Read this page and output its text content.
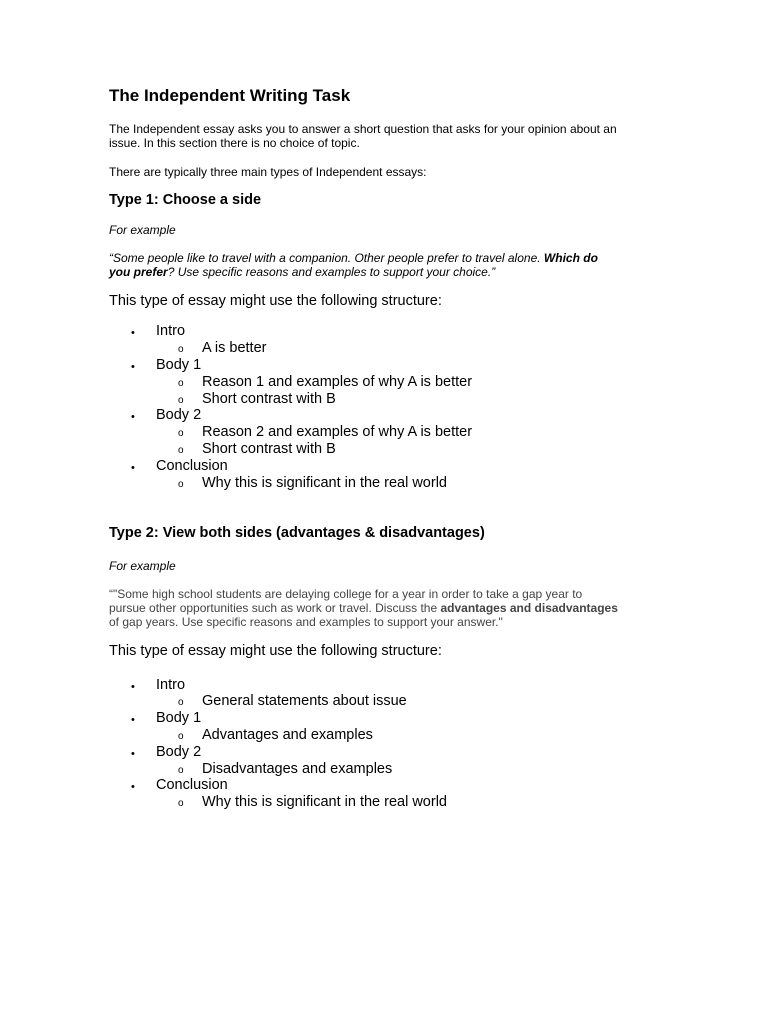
The Independent Writing Task
The Independent essay asks you to answer a short question that asks for your opinion about an
issue. In this section there is no choice of topic.
There are typically three main types of Independent essays:
Type 1: Choose a side
For example
“Some people like to travel with a companion. Other people prefer to travel alone. Which do
you prefer? Use specific reasons and examples to support your choice.”
This type of essay might use the following structure:
• Intro
o A is better
• Body 1
o Reason 1 and examples of why A is better
o Short contrast with B
• Body 2
o Reason 2 and examples of why A is better
o Short contrast with B
• Conclusion
o Why this is significant in the real world
Type 2: View both sides (advantages & disadvantages)
For example
“"Some high school students are delaying college for a year in order to take a gap year to
pursue other opportunities such as work or travel. Discuss the advantages and disadvantages
of gap years. Use specific reasons and examples to support your answer."
This type of essay might use the following structure:
• Intro
o General statements about issue
• Body 1
o Advantages and examples
• Body 2
o Disadvantages and examples
• Conclusion
o Why this is significant in the real world
